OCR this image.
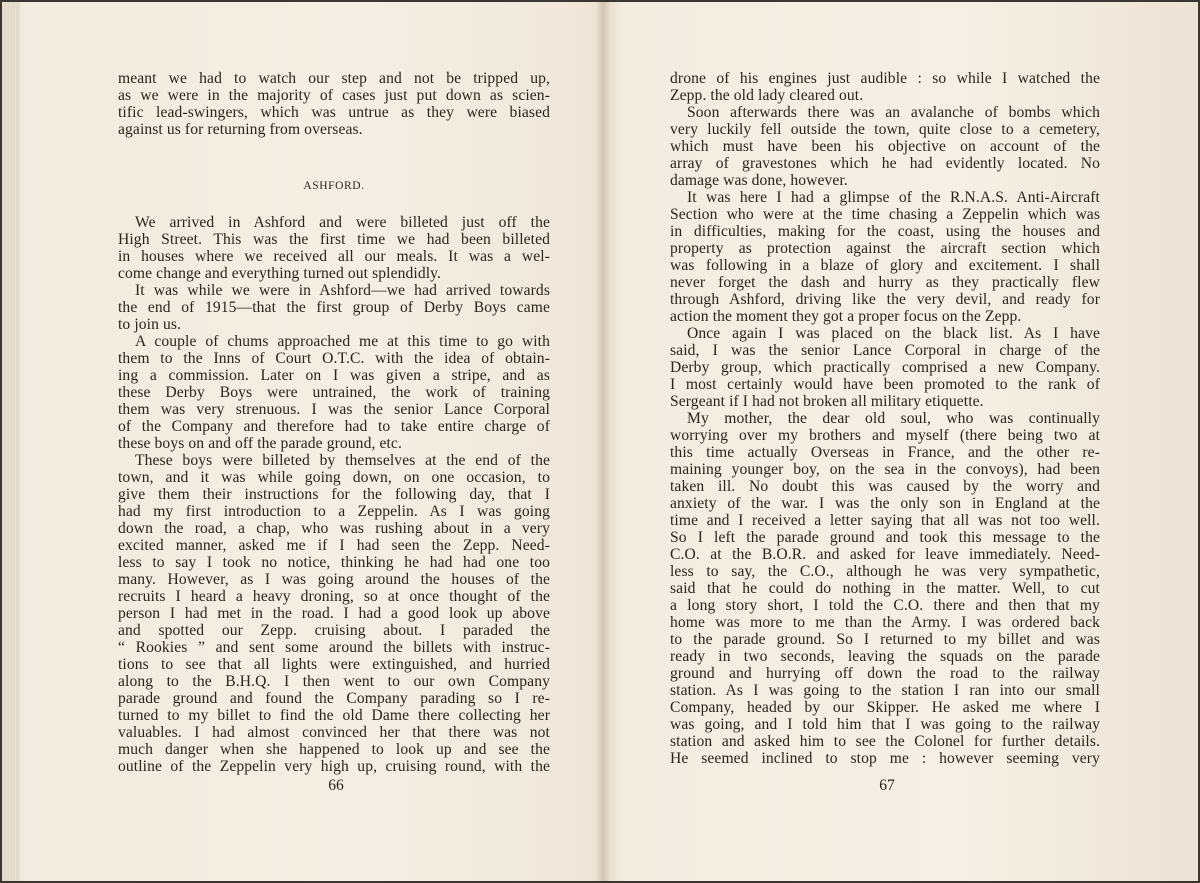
meant we had to watch our step and not be tripped up,
as we were in the majority of cases just put down as scien-
tific lead-swingers, which was untrue as they were biased
against us for returning from overseas.
ASHFORD.
We arrived in Ashford and were billeted just off the
High Street. This was the first time we had been billeted
in houses where we received all our meals. It was a wel-
come change and everything turned out splendidly.
It was while we were in Ashford—we had arrived towards
the end of 1915—that the first group of Derby Boys came
to join us.
A couple of chums approached me at this time to go with
them to the Inns of Court O.T.C. with the idea of obtain-
ing a commission. Later on I was given a stripe, and as
these Derby Boys were untrained, the work of training
them was very strenuous. I was the senior Lance Corporal
of the Company and therefore had to take entire charge of
these boys on and off the parade ground, etc.
These boys were billeted by themselves at the end of the
town, and it was while going down, on one occasion, to
give them their instructions for the following day, that I
had my first introduction to a Zeppelin. As I was going
down the road, a chap, who was rushing about in a very
excited manner, asked me if I had seen the Zepp. Need-
less to say I took no notice, thinking he had had one too
many. However, as I was going around the houses of the
recruits I heard a heavy droning, so at once thought of the
person I had met in the road. I had a good look up above
and spotted our Zepp. cruising about. I paraded the
“ Rookies ” and sent some around the billets with instruc-
tions to see that all lights were extinguished, and hurried
along to the B.H.Q. I then went to our own Company
parade ground and found the Company parading so I re-
turned to my billet to find the old Dame there collecting her
valuables. I had almost convinced her that there was not
much danger when she happened to look up and see the
outline of the Zeppelin very high up, cruising round, with the
66
drone of his engines just audible : so while I watched the
Zepp. the old lady cleared out.
Soon afterwards there was an avalanche of bombs which
very luckily fell outside the town, quite close to a cemetery,
which must have been his objective on account of the
array of gravestones which he had evidently located. No
damage was done, however.
It was here I had a glimpse of the R.N.A.S. Anti-Aircraft
Section who were at the time chasing a Zeppelin which was
in difficulties, making for the coast, using the houses and
property as protection against the aircraft section which
was following in a blaze of glory and excitement. I shall
never forget the dash and hurry as they practically flew
through Ashford, driving like the very devil, and ready for
action the moment they got a proper focus on the Zepp.
Once again I was placed on the black list. As I have
said, I was the senior Lance Corporal in charge of the
Derby group, which practically comprised a new Company.
I most certainly would have been promoted to the rank of
Sergeant if I had not broken all military etiquette.
My mother, the dear old soul, who was continually
worrying over my brothers and myself (there being two at
this time actually Overseas in France, and the other re-
maining younger boy, on the sea in the convoys), had been
taken ill. No doubt this was caused by the worry and
anxiety of the war. I was the only son in England at the
time and I received a letter saying that all was not too well.
So I left the parade ground and took this message to the
C.O. at the B.O.R. and asked for leave immediately. Need-
less to say, the C.O., although he was very sympathetic,
said that he could do nothing in the matter. Well, to cut
a long story short, I told the C.O. there and then that my
home was more to me than the Army. I was ordered back
to the parade ground. So I returned to my billet and was
ready in two seconds, leaving the squads on the parade
ground and hurrying off down the road to the railway
station. As I was going to the station I ran into our small
Company, headed by our Skipper. He asked me where I
was going, and I told him that I was going to the railway
station and asked him to see the Colonel for further details.
He seemed inclined to stop me : however seeming very
67
